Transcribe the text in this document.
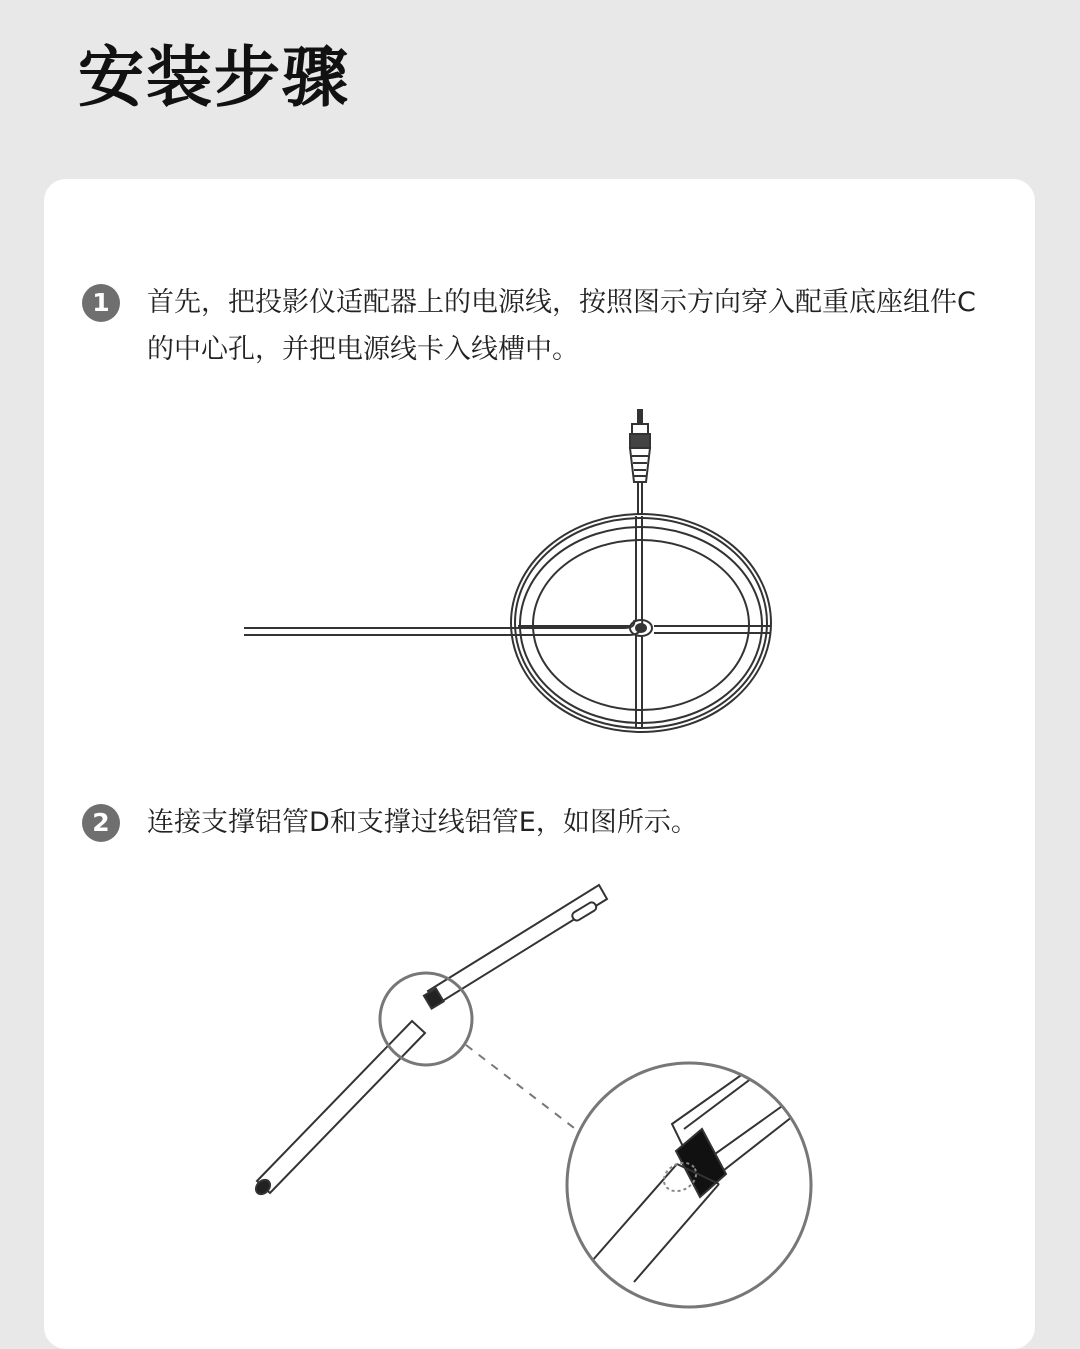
安装步骤
1	首先，把投影仪适配器上的电源线，按照图示方向穿入配重底座组件C的中心孔，并把电源线卡入线槽中。
2	连接支撑铝管D和支撑过线铝管E，如图所示。
